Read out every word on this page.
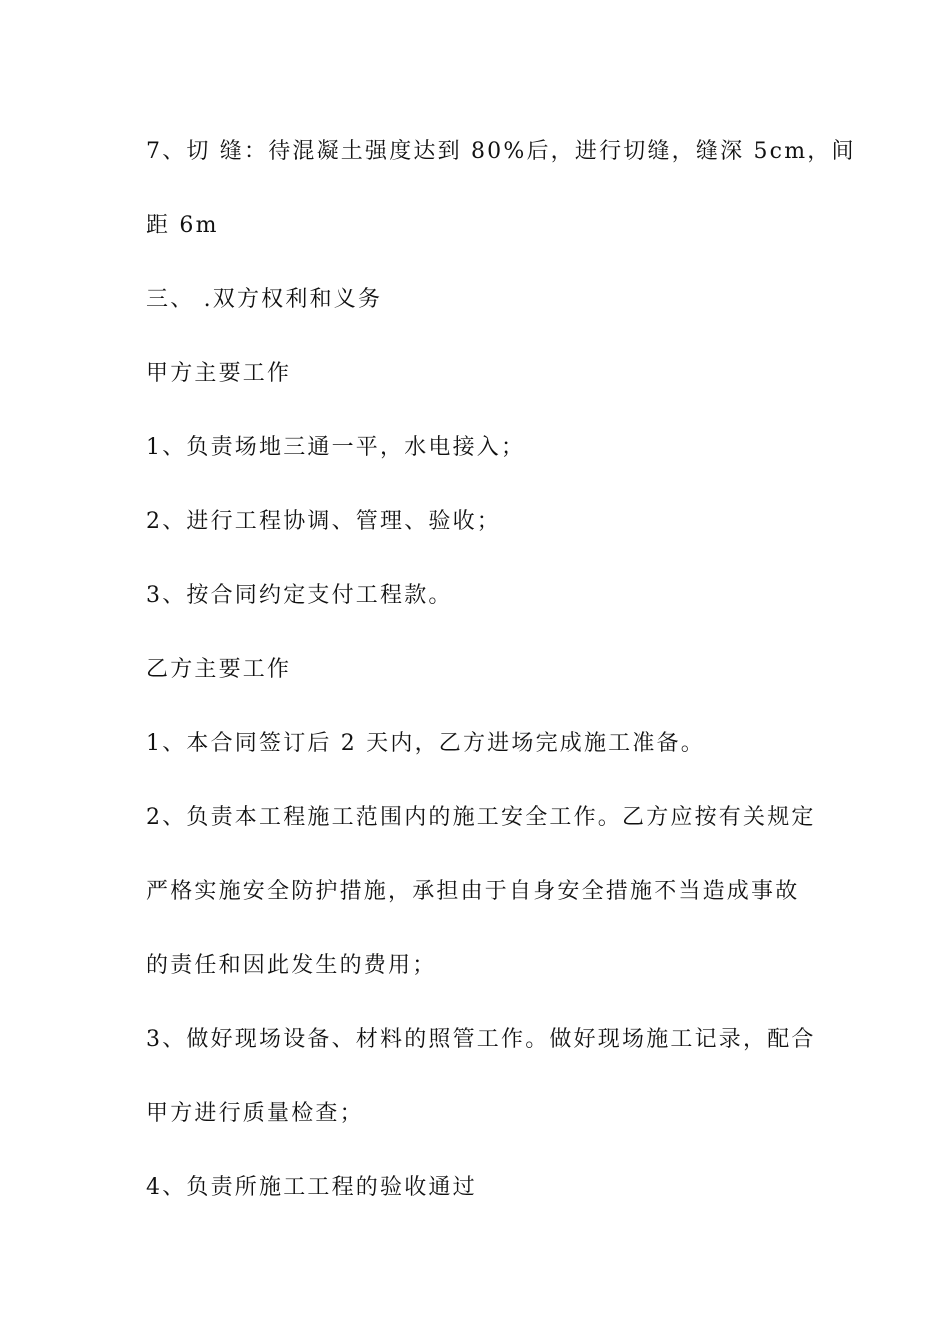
7、切 缝：待混凝土强度达到 80%后，进行切缝，缝深 5cm，间
距 6m
三、 .双方权利和义务
甲方主要工作
1、负责场地三通一平，水电接入；
2、进行工程协调、管理、验收；
3、按合同约定支付工程款。
乙方主要工作
1、本合同签订后 2 天内，乙方进场完成施工准备。
2、负责本工程施工范围内的施工安全工作。乙方应按有关规定
严格实施安全防护措施，承担由于自身安全措施不当造成事故
的责任和因此发生的费用；
3、做好现场设备、材料的照管工作。做好现场施工记录，配合
甲方进行质量检查；
4、负责所施工工程的验收通过
